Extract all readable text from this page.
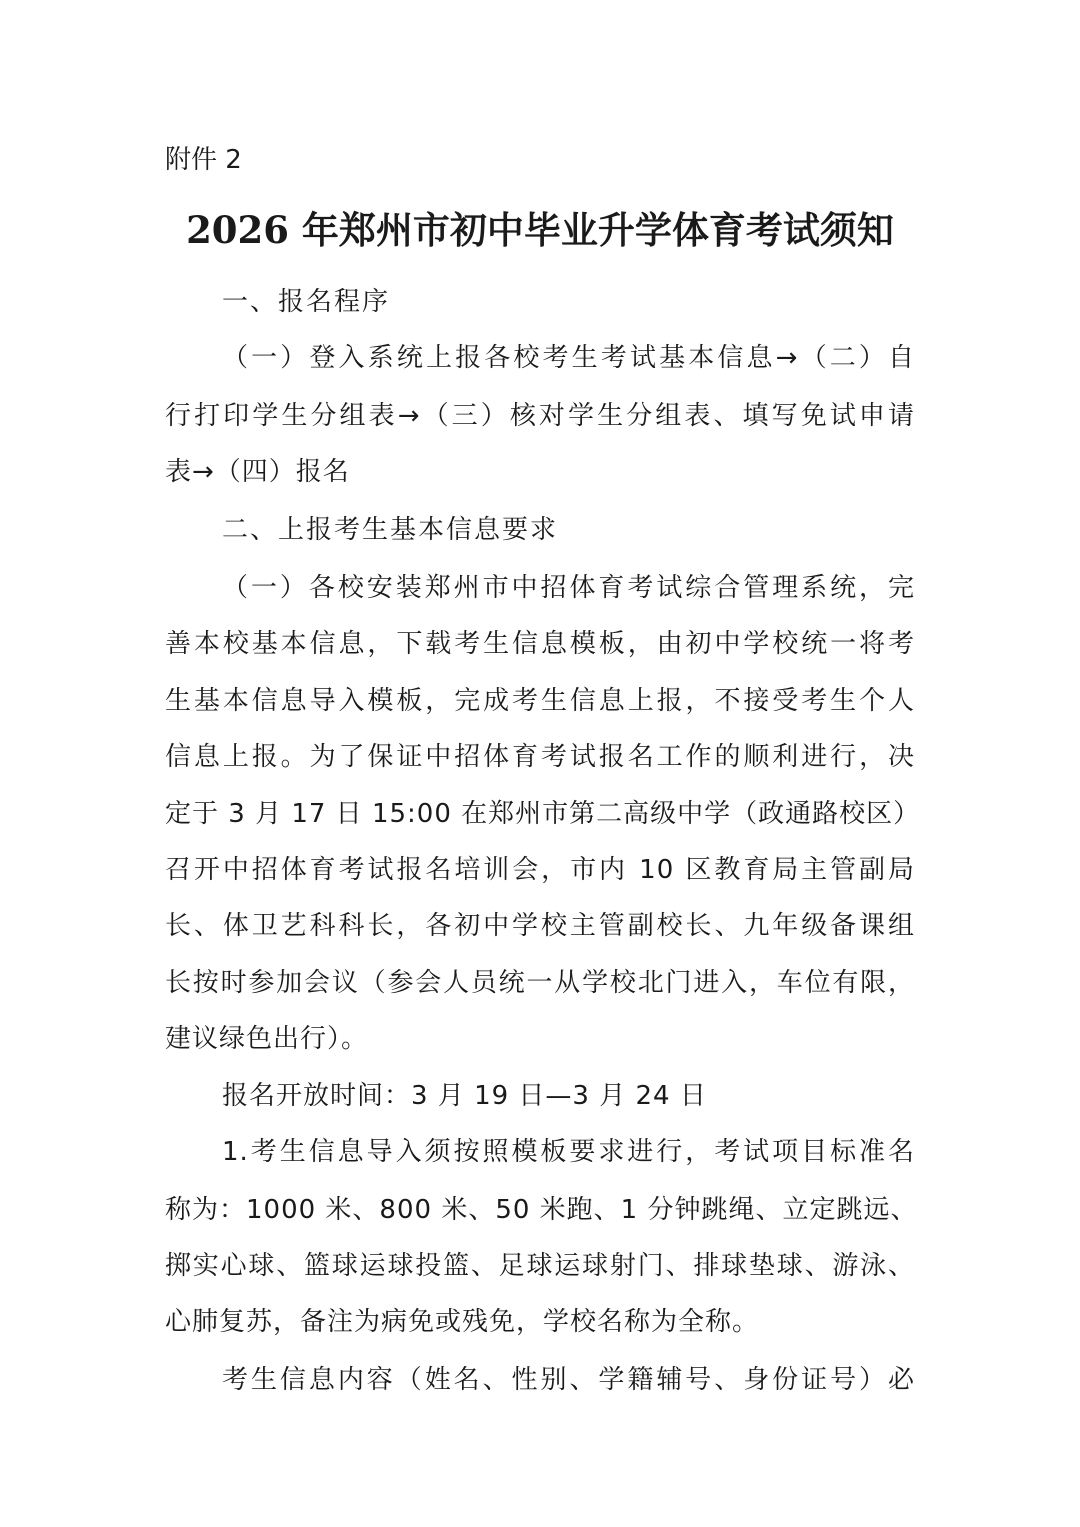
附件 2
2026 年郑州市初中毕业升学体育考试须知
一、报名程序
（一）登入系统上报各校考生考试基本信息→（二）自
行打印学生分组表→（三）核对学生分组表、填写免试申请
表→（四）报名
二、上报考生基本信息要求
（一）各校安装郑州市中招体育考试综合管理系统，完
善本校基本信息，下载考生信息模板，由初中学校统一将考
生基本信息导入模板，完成考生信息上报，不接受考生个人
信息上报。为了保证中招体育考试报名工作的顺利进行，决
定于 3 月 17 日 15:00 在郑州市第二高级中学（政通路校区）
召开中招体育考试报名培训会，市内 10 区教育局主管副局
长、体卫艺科科长，各初中学校主管副校长、九年级备课组
长按时参加会议（参会人员统一从学校北门进入，车位有限，
建议绿色出行）。
报名开放时间：3 月 19 日—3 月 24 日
1.考生信息导入须按照模板要求进行，考试项目标准名
称为：1000 米、800 米、50 米跑、1 分钟跳绳、立定跳远、
掷实心球、篮球运球投篮、足球运球射门、排球垫球、游泳、
心肺复苏，备注为病免或残免，学校名称为全称。
考生信息内容（姓名、性别、学籍辅号、身份证号）必
